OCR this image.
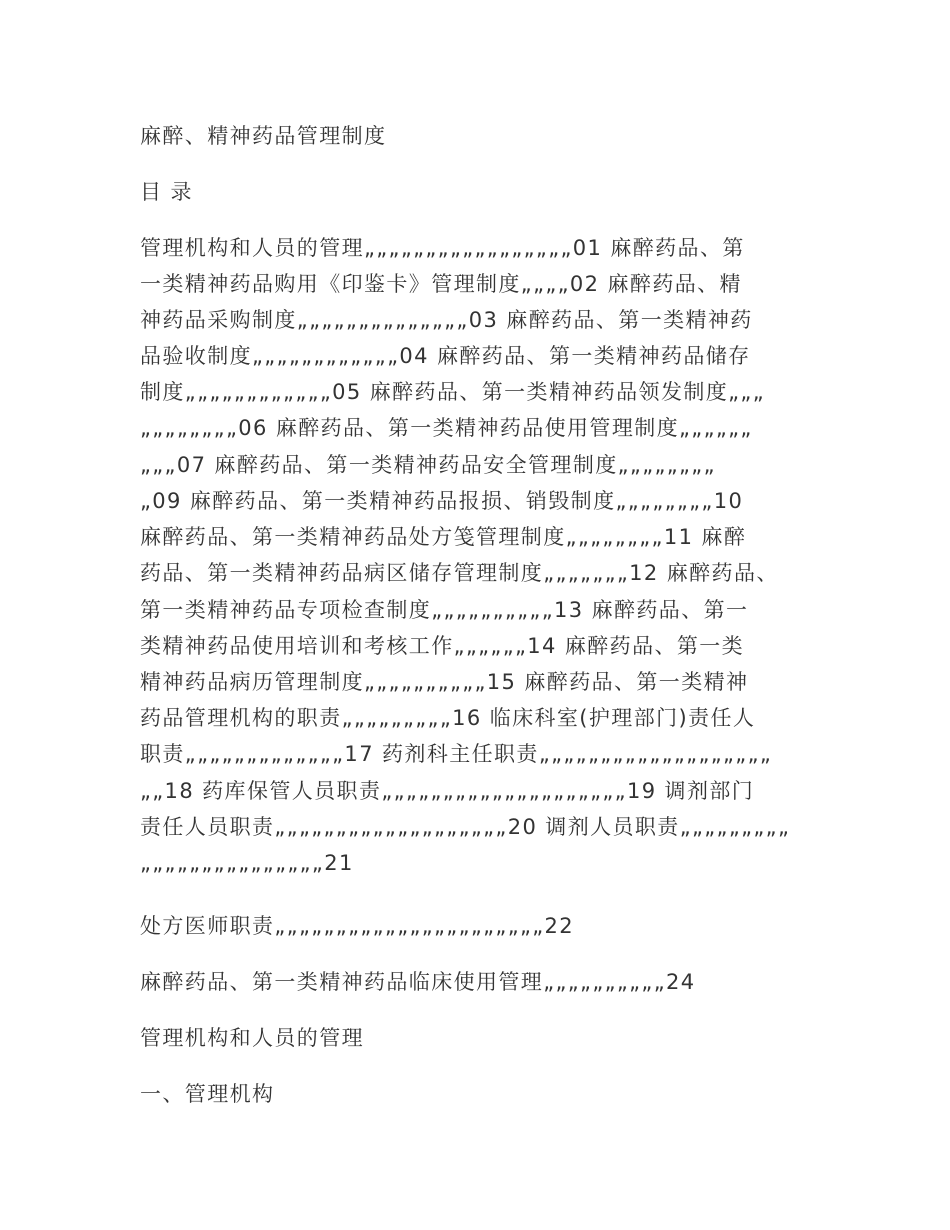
麻醉、精神药品管理制度

目 录

管理机构和人员的管理„„„„„„„„„„„„„„„„„01 麻醉药品、第

一类精神药品购用《印鉴卡》管理制度„„„„02 麻醉药品、精

神药品采购制度„„„„„„„„„„„„„„03 麻醉药品、第一类精神药

品验收制度„„„„„„„„„„„„04 麻醉药品、第一类精神药品储存

制度„„„„„„„„„„„„05 麻醉药品、第一类精神药品领发制度„„„

„„„„„„„„06 麻醉药品、第一类精神药品使用管理制度„„„„„„

„„„07 麻醉药品、第一类精神药品安全管理制度„„„„„„„„

„09 麻醉药品、第一类精神药品报损、销毁制度„„„„„„„„10

麻醉药品、第一类精神药品处方笺管理制度„„„„„„„„11 麻醉

药品、第一类精神药品病区储存管理制度„„„„„„„12 麻醉药品、

第一类精神药品专项检查制度„„„„„„„„„„13 麻醉药品、第一

类精神药品使用培训和考核工作„„„„„„14 麻醉药品、第一类

精神药品病历管理制度„„„„„„„„„„15 麻醉药品、第一类精神

药品管理机构的职责„„„„„„„„„16 临床科室(护理部门)责任人

职责„„„„„„„„„„„„„17 药剂科主任职责„„„„„„„„„„„„„„„„„„„

„„18 药库保管人员职责„„„„„„„„„„„„„„„„„„„„19 调剂部门

责任人员职责„„„„„„„„„„„„„„„„„„„20 调剂人员职责„„„„„„„„„

„„„„„„„„„„„„„„„21

处方医师职责„„„„„„„„„„„„„„„„„„„„„„22

麻醉药品、第一类精神药品临床使用管理„„„„„„„„„„24

管理机构和人员的管理

一、管理机构
